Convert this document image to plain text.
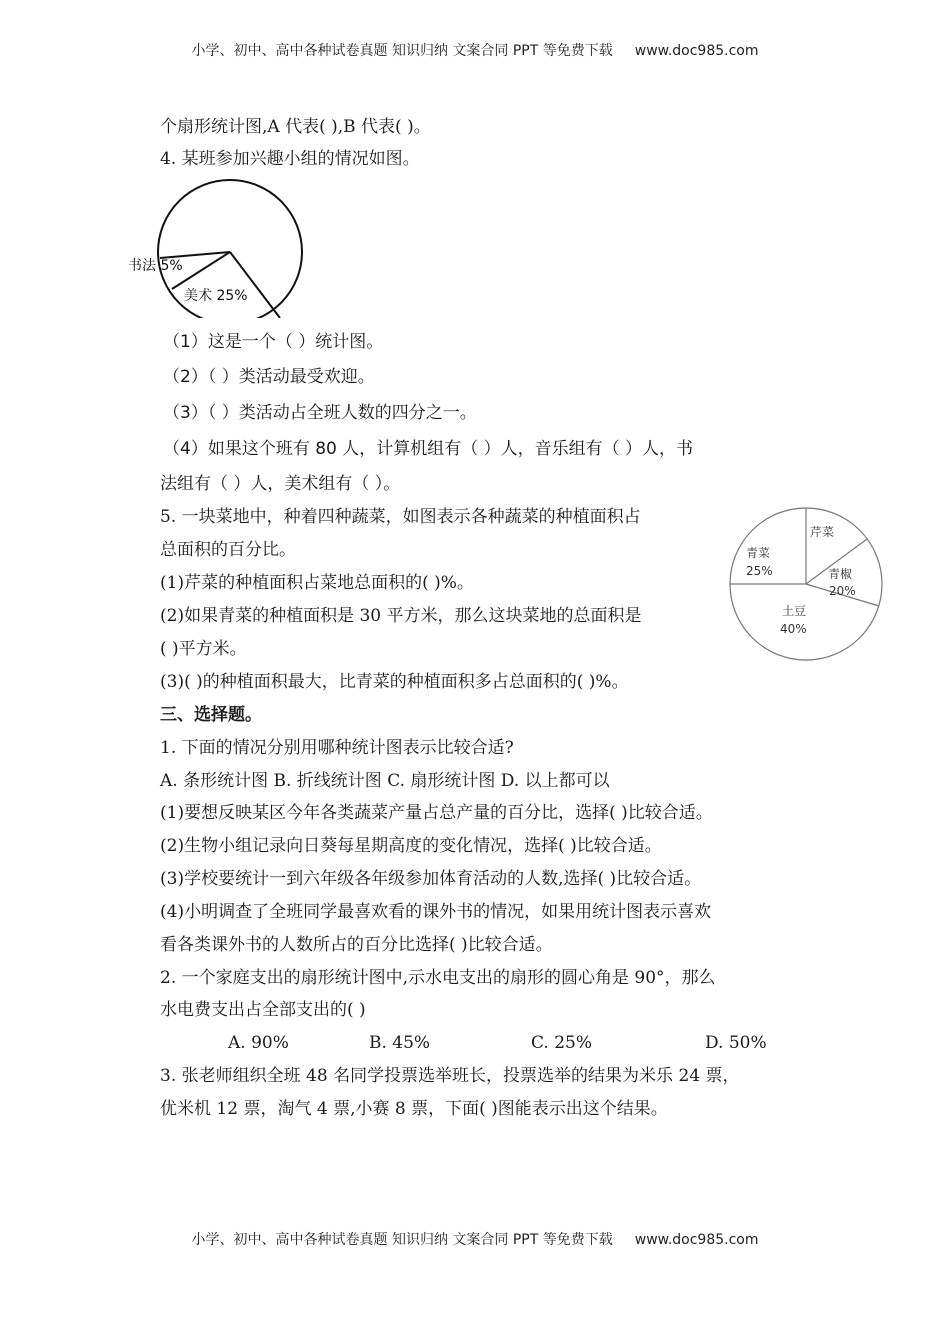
小学、初中、高中各种试卷真题 知识归纳 文案合同 PPT 等免费下载 www.doc985.com
个扇形统计图,A 代表( ),B 代表( )。
4. 某班参加兴趣小组的情况如图。
书法 5%
美术 25%
（1）这是一个（ ）统计图。
（2）（ ）类活动最受欢迎。
（3）（ ）类活动占全班人数的四分之一。
（4）如果这个班有 80 人，计算机组有（ ）人，音乐组有（ ）人，书
法组有（ ）人，美术组有（ ）。
5. 一块菜地中，种着四种蔬菜，如图表示各种蔬菜的种植面积占
总面积的百分比。
(1)芹菜的种植面积占菜地总面积的( )%。
(2)如果青菜的种植面积是 30 平方米，那么这块菜地的总面积是
( )平方米。
(3)( )的种植面积最大，比青菜的种植面积多占总面积的( )%。
芹菜
青椒
20%
土豆
40%
青菜
25%
三、选择题。
1. 下面的情况分别用哪种统计图表示比较合适?
A. 条形统计图 B. 折线统计图 C. 扇形统计图 D. 以上都可以
(1)要想反映某区今年各类蔬菜产量占总产量的百分比，选择( )比较合适。
(2)生物小组记录向日葵每星期高度的变化情况，选择( )比较合适。
(3)学校要统计一到六年级各年级参加体育活动的人数,选择( )比较合适。
(4)小明调查了全班同学最喜欢看的课外书的情况，如果用统计图表示喜欢
看各类课外书的人数所占的百分比选择( )比较合适。
2. 一个家庭支出的扇形统计图中,示水电支出的扇形的圆心角是 90°，那么
水电费支出占全部支出的( )
A. 90%	B. 45%	C. 25%	D. 50%
3. 张老师组织全班 48 名同学投票选举班长，投票选举的结果为米乐 24 票，
优米机 12 票，淘气 4 票,小赛 8 票，下面( )图能表示出这个结果。
小学、初中、高中各种试卷真题 知识归纳 文案合同 PPT 等免费下载 www.doc985.com
